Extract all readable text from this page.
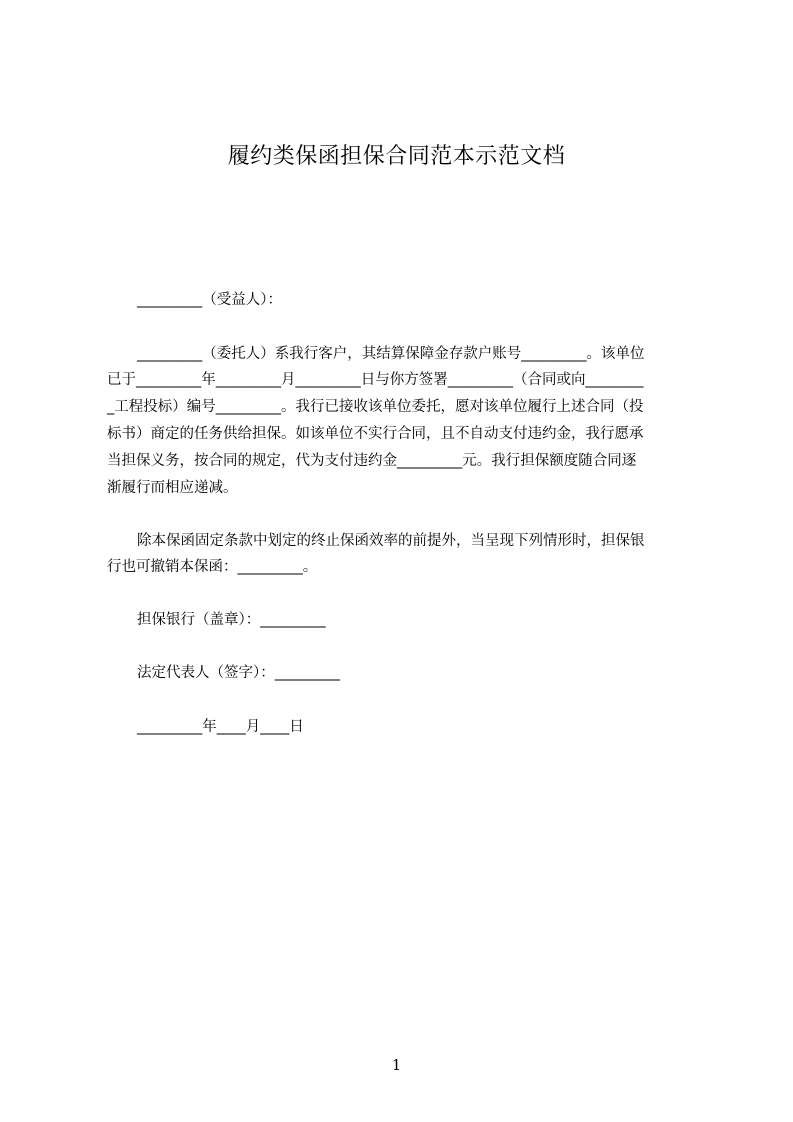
履约类保函担保合同范本示范文档

_________（受益人）：

_________（委托人）系我行客户，其结算保障金存款户账号_________。该单位

已于_________年_________月_________日与你方签署_________（合同或向________

_工程投标）编号_________。我行已接收该单位委托，愿对该单位履行上述合同（投

标书）商定的任务供给担保。如该单位不实行合同，且不自动支付违约金，我行愿承

当担保义务，按合同的规定，代为支付违约金_________元。我行担保额度随合同逐

渐履行而相应递减。

除本保函固定条款中划定的终止保函效率的前提外，当呈现下列情形时，担保银

行也可撤销本保函：_________。

担保银行（盖章）：_________

法定代表人（签字）：_________

_________年____月____日

1
